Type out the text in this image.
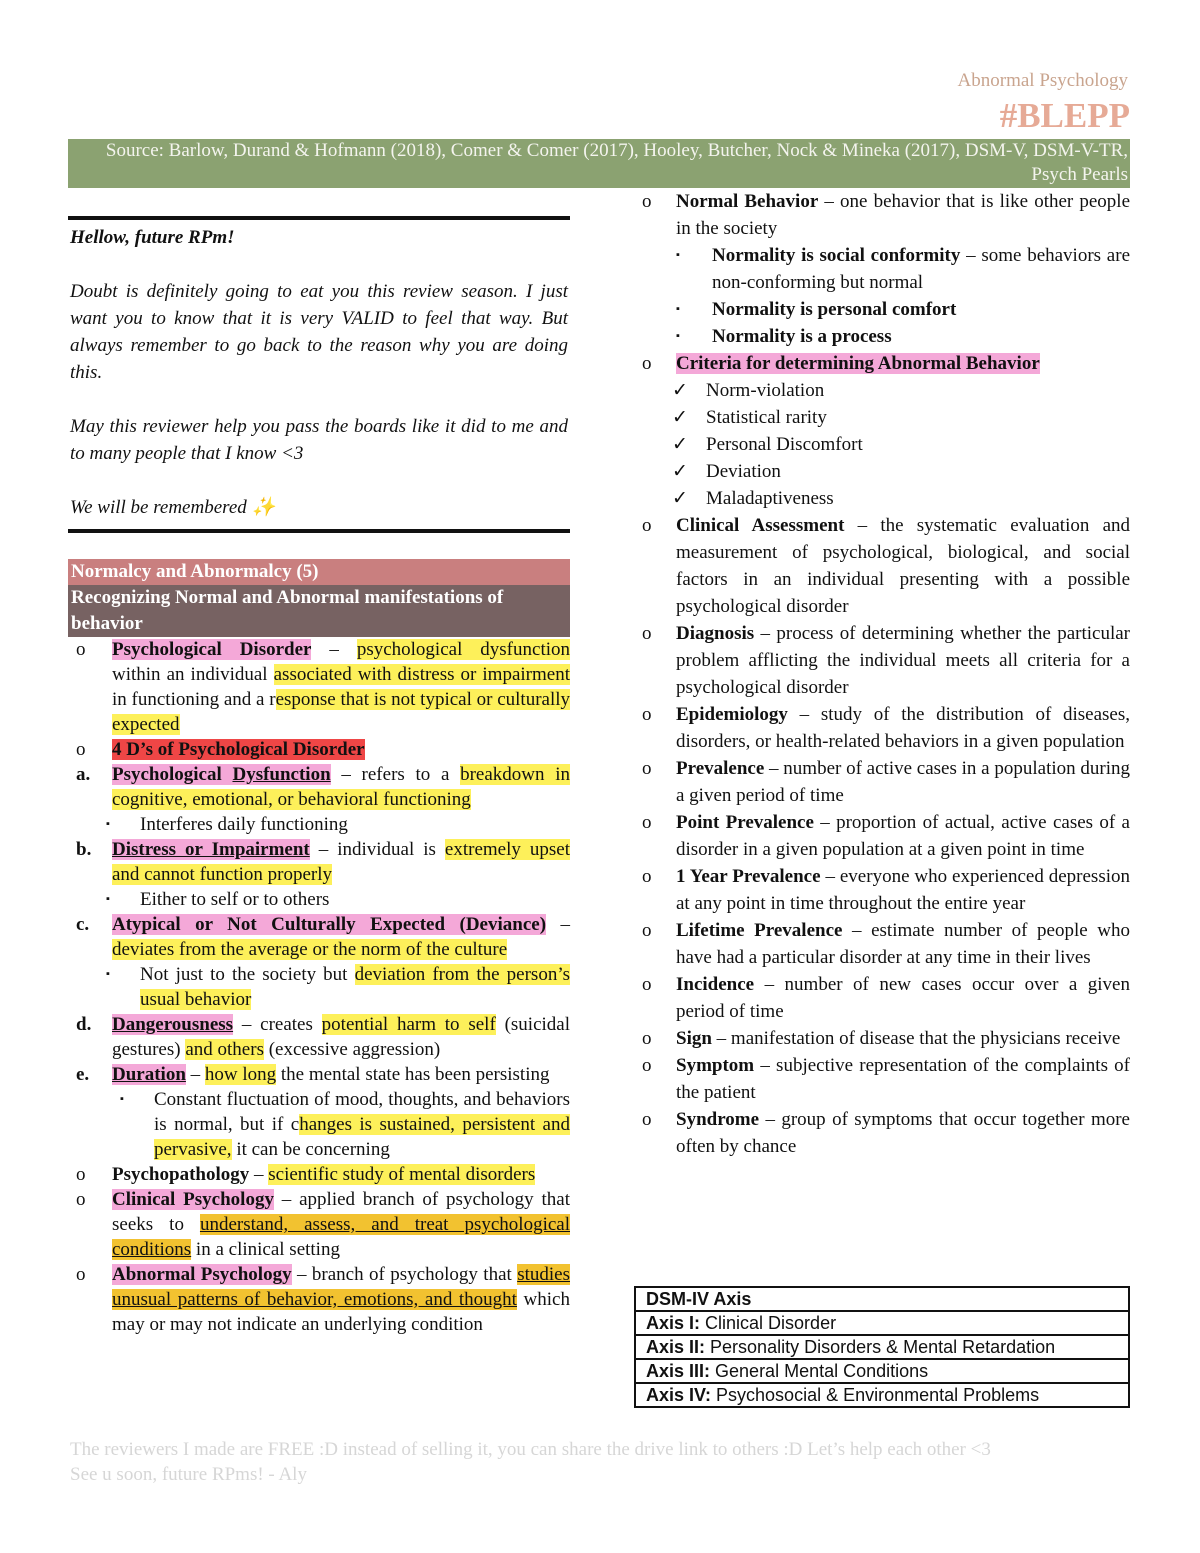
Abnormal Psychology
#BLEPP
Source: Barlow, Durand & Hofmann (2018), Comer & Comer (2017), Hooley, Butcher, Nock & Mineka (2017), DSM-V, DSM-V-TR, Psych Pearls

Hellow, future RPm!

Doubt is definitely going to eat you this review season. I just want you to know that it is very VALID to feel that way. But always remember to go back to the reason why you are doing this.

May this reviewer help you pass the boards like it did to me and to many people that I know <3

We will be remembered ✨

Normalcy and Abnormalcy (5)
Recognizing Normal and Abnormal manifestations of behavior
o Psychological Disorder – psychological dysfunction within an individual associated with distress or impairment in functioning and a response that is not typical or culturally expected
o 4 D’s of Psychological Disorder
a. Psychological Dysfunction – refers to a breakdown in cognitive, emotional, or behavioral functioning
▪ Interferes daily functioning
b. Distress or Impairment – individual is extremely upset and cannot function properly
▪ Either to self or to others
c. Atypical or Not Culturally Expected (Deviance) – deviates from the average or the norm of the culture
▪ Not just to the society but deviation from the person’s usual behavior
d. Dangerousness – creates potential harm to self (suicidal gestures) and others (excessive aggression)
e. Duration – how long the mental state has been persisting
▪ Constant fluctuation of mood, thoughts, and behaviors is normal, but if changes is sustained, persistent and pervasive, it can be concerning
o Psychopathology – scientific study of mental disorders
o Clinical Psychology – applied branch of psychology that seeks to understand, assess, and treat psychological conditions in a clinical setting
o Abnormal Psychology – branch of psychology that studies unusual patterns of behavior, emotions, and thought which may or may not indicate an underlying condition
o Normal Behavior – one behavior that is like other people in the society
▪ Normality is social conformity – some behaviors are non-conforming but normal
▪ Normality is personal comfort
▪ Normality is a process
o Criteria for determining Abnormal Behavior
✓ Norm-violation
✓ Statistical rarity
✓ Personal Discomfort
✓ Deviation
✓ Maladaptiveness
o Clinical Assessment – the systematic evaluation and measurement of psychological, biological, and social factors in an individual presenting with a possible psychological disorder
o Diagnosis – process of determining whether the particular problem afflicting the individual meets all criteria for a psychological disorder
o Epidemiology – study of the distribution of diseases, disorders, or health-related behaviors in a given population
o Prevalence – number of active cases in a population during a given period of time
o Point Prevalence – proportion of actual, active cases of a disorder in a given population at a given point in time
o 1 Year Prevalence – everyone who experienced depression at any point in time throughout the entire year
o Lifetime Prevalence – estimate number of people who have had a particular disorder at any time in their lives
o Incidence – number of new cases occur over a given period of time
o Sign – manifestation of disease that the physicians receive
o Symptom – subjective representation of the complaints of the patient
o Syndrome – group of symptoms that occur together more often by chance
DSM-IV Axis
Axis I: Clinical Disorder
Axis II: Personality Disorders & Mental Retardation
Axis III: General Mental Conditions
Axis IV: Psychosocial & Environmental Problems
The reviewers I made are FREE :D instead of selling it, you can share the drive link to others :D Let’s help each other <3
See u soon, future RPms! - Aly
